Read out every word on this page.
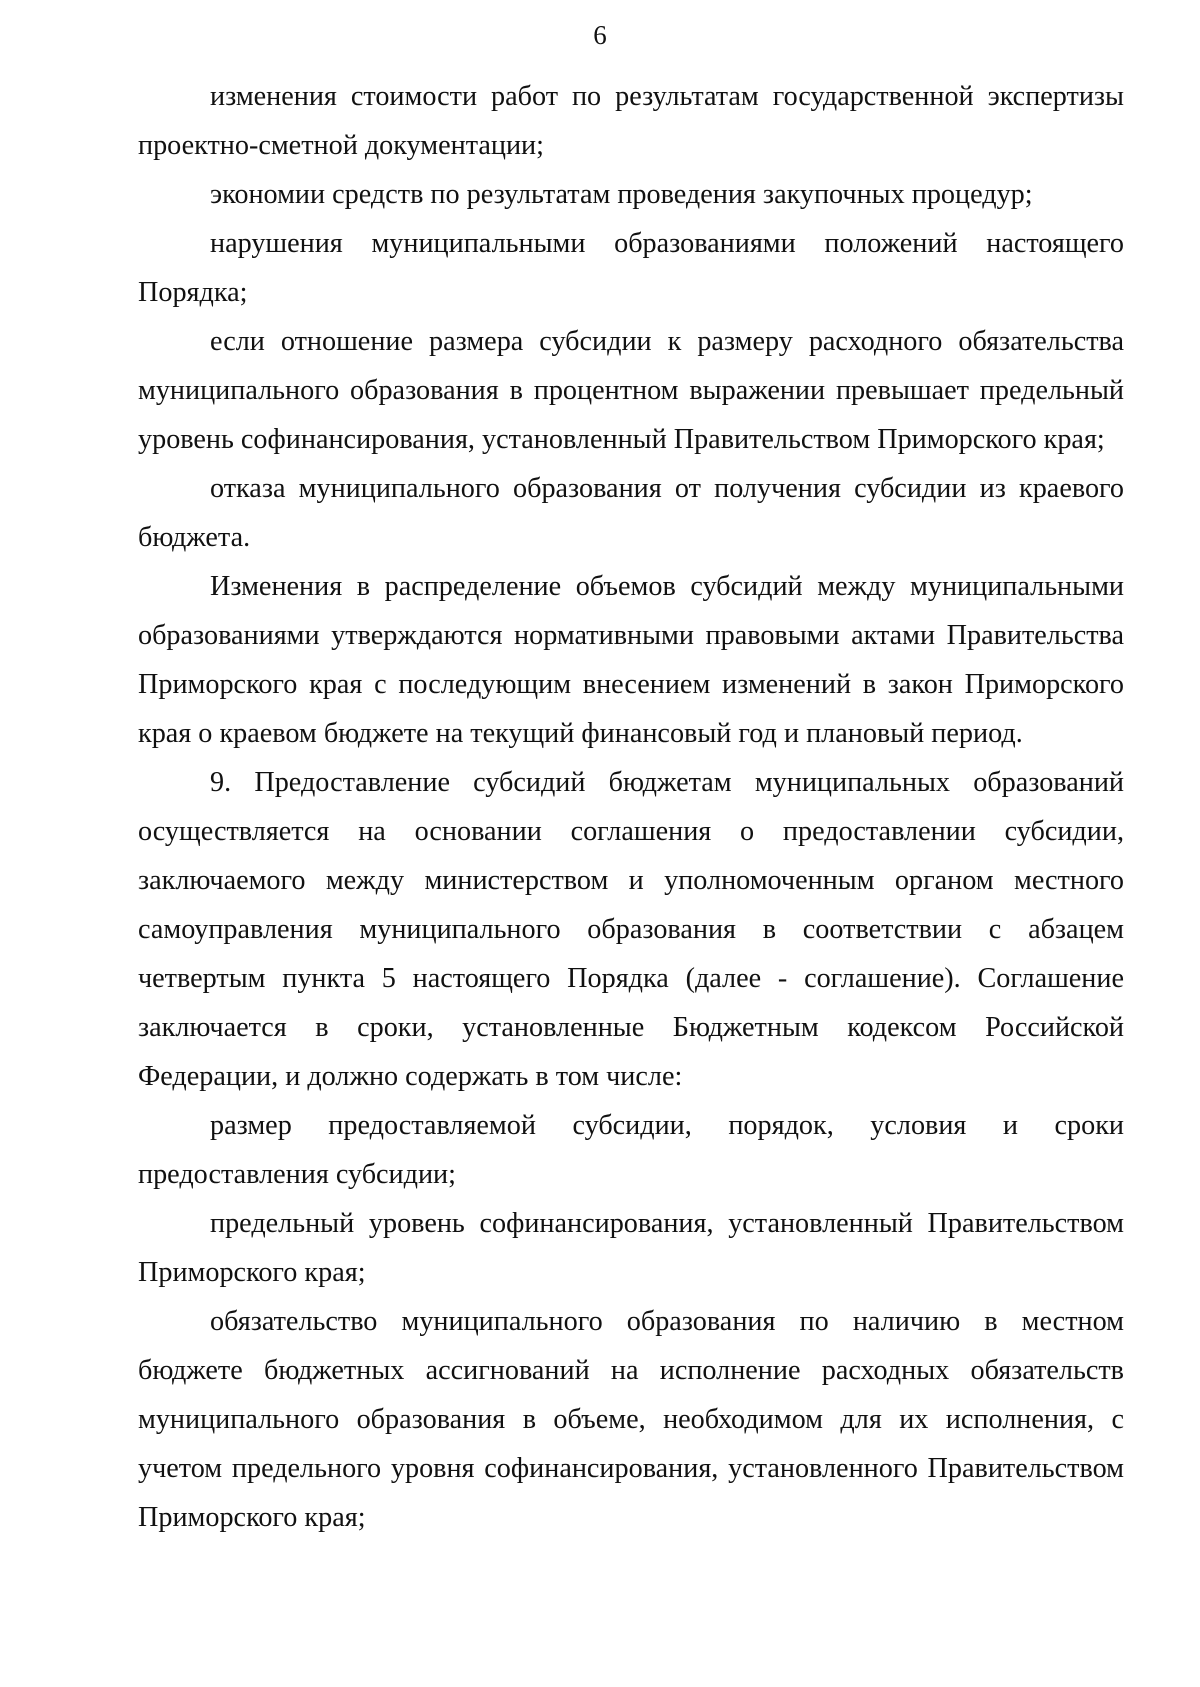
6

изменения стоимости работ по результатам государственной экспертизы проектно-сметной документации;

экономии средств по результатам проведения закупочных процедур;

нарушения муниципальными образованиями положений настоящего Порядка;

если отношение размера субсидии к размеру расходного обязательства муниципального образования в процентном выражении превышает предельный уровень софинансирования, установленный Правительством Приморского края;

отказа муниципального образования от получения субсидии из краевого бюджета.

Изменения в распределение объемов субсидий между муниципальными образованиями утверждаются нормативными правовыми актами Правительства Приморского края с последующим внесением изменений в закон Приморского края о краевом бюджете на текущий финансовый год и плановый период.

9. Предоставление субсидий бюджетам муниципальных образований осуществляется на основании соглашения о предоставлении субсидии, заключаемого между министерством и уполномоченным органом местного самоуправления муниципального образования в соответствии с абзацем четвертым пункта 5 настоящего Порядка (далее - соглашение). Соглашение заключается в сроки, установленные Бюджетным кодексом Российской Федерации, и должно содержать в том числе:

размер предоставляемой субсидии, порядок, условия и сроки предоставления субсидии;

предельный уровень софинансирования, установленный Правительством Приморского края;

обязательство муниципального образования по наличию в местном бюджете бюджетных ассигнований на исполнение расходных обязательств муниципального образования в объеме, необходимом для их исполнения, с учетом предельного уровня софинансирования, установленного Правительством Приморского края;
